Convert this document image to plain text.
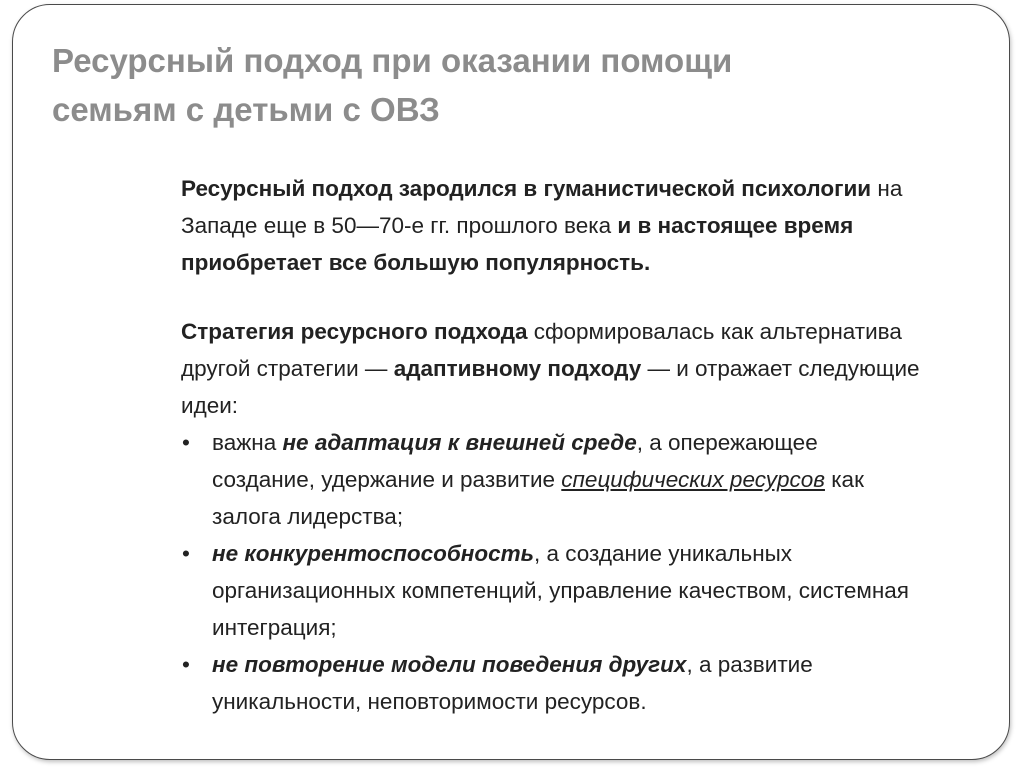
Ресурсный подход при оказании помощи семьям с детьми с ОВЗ

Ресурсный подход зародился в гуманистической психологии на Западе еще в 50—70-е гг. прошлого века и в настоящее время приобретает все большую популярность.

Стратегия ресурсного подхода сформировалась как альтернатива другой стратегии — адаптивному подходу — и отражает следующие идеи:

• важна не адаптация к внешней среде, а опережающее создание, удержание и развитие специфических ресурсов как залога лидерства;
• не конкурентоспособность, а создание уникальных организационных компетенций, управление качеством, системная интеграция;
• не повторение модели поведения других, а развитие уникальности, неповторимости ресурсов.
